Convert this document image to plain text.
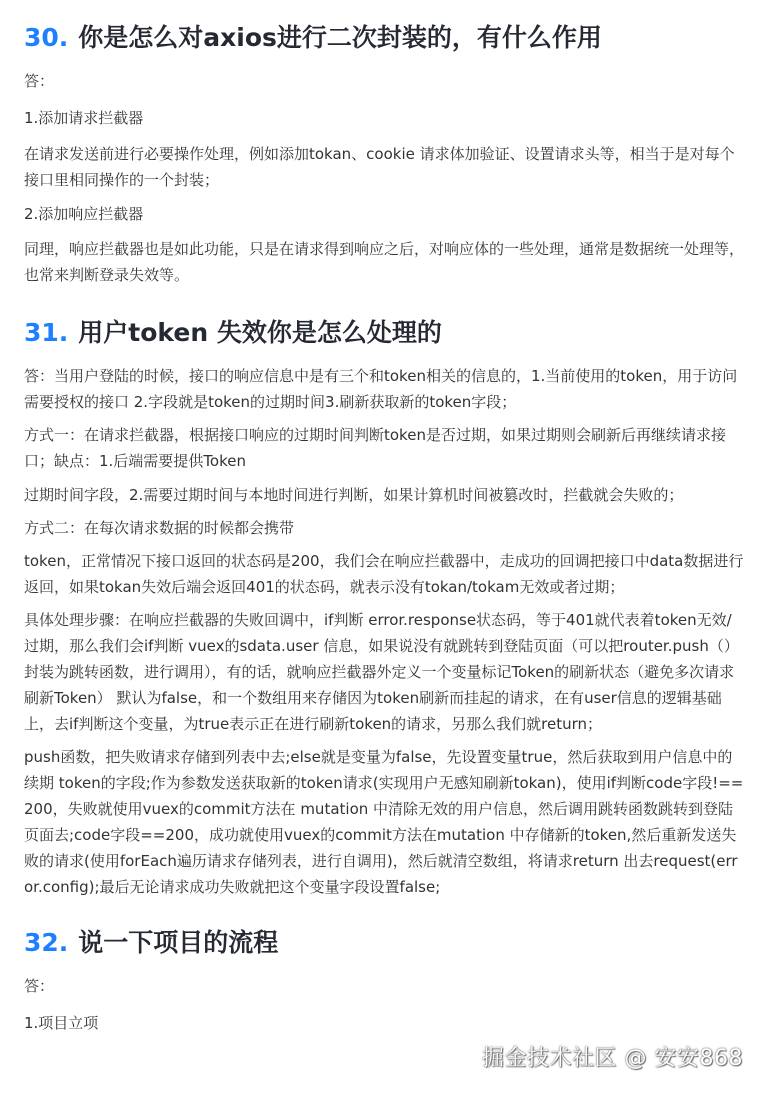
30. 你是怎么对axios进行二次封装的，有什么作用

答：

1.添加请求拦截器

在请求发送前进行必要操作处理，例如添加tokan、cookie 请求体加验证、设置请求头等，相当于是对每个接口里相同操作的一个封装；

2.添加响应拦截器

同理，响应拦截器也是如此功能，只是在请求得到响应之后，对响应体的一些处理，通常是数据统一处理等，也常来判断登录失效等。

31. 用户token 失效你是怎么处理的

答：当用户登陆的时候，接口的响应信息中是有三个和token相关的信息的，1.当前使用的token，用于访问需要授权的接口 2.字段就是token的过期时间3.刷新获取新的token字段；

方式一：在请求拦截器，根据接口响应的过期时间判断token是否过期，如果过期则会刷新后再继续请求接口；缺点：1.后端需要提供Token

过期时间字段，2.需要过期时间与本地时间进行判断，如果计算机时间被篡改时，拦截就会失败的；

方式二：在每次请求数据的时候都会携带

token，正常情况下接口返回的状态码是200，我们会在响应拦截器中，走成功的回调把接口中data数据进行返回，如果tokan失效后端会返回401的状态码，就表示没有tokan/tokam无效或者过期；

具体处理步骤：在响应拦截器的失败回调中，if判断 error.response状态码，等于401就代表着token无效/过期，那么我们会if判断 vuex的sdata.user 信息，如果说没有就跳转到登陆页面（可以把router.push（）封装为跳转函数，进行调用），有的话，就响应拦截器外定义一个变量标记Token的刷新状态（避免多次请求刷新Token） 默认为false，和一个数组用来存储因为token刷新而挂起的请求，在有user信息的逻辑基础上，去if判断这个变量，为true表示正在进行刷新token的请求，另那么我们就return；

push函数，把失败请求存储到列表中去;else就是变量为false，先设置变量true，然后获取到用户信息中的续期 token的字段;作为参数发送获取新的token请求(实现用户无感知刷新tokan)，使用if判断code字段!==200，失败就使用vuex的commit方法在 mutation 中清除无效的用户信息，然后调用跳转函数跳转到登陆页面去;code字段==200，成功就使用vuex的commit方法在mutation 中存储新的token,然后重新发送失败的请求(使用forEach遍历请求存储列表，进行自调用)，然后就清空数组，将请求return 出去request(error.config);最后无论请求成功失败就把这个变量字段设置false;

32. 说一下项目的流程

答：

1.项目立项

掘金技术社区 @ 安安868
